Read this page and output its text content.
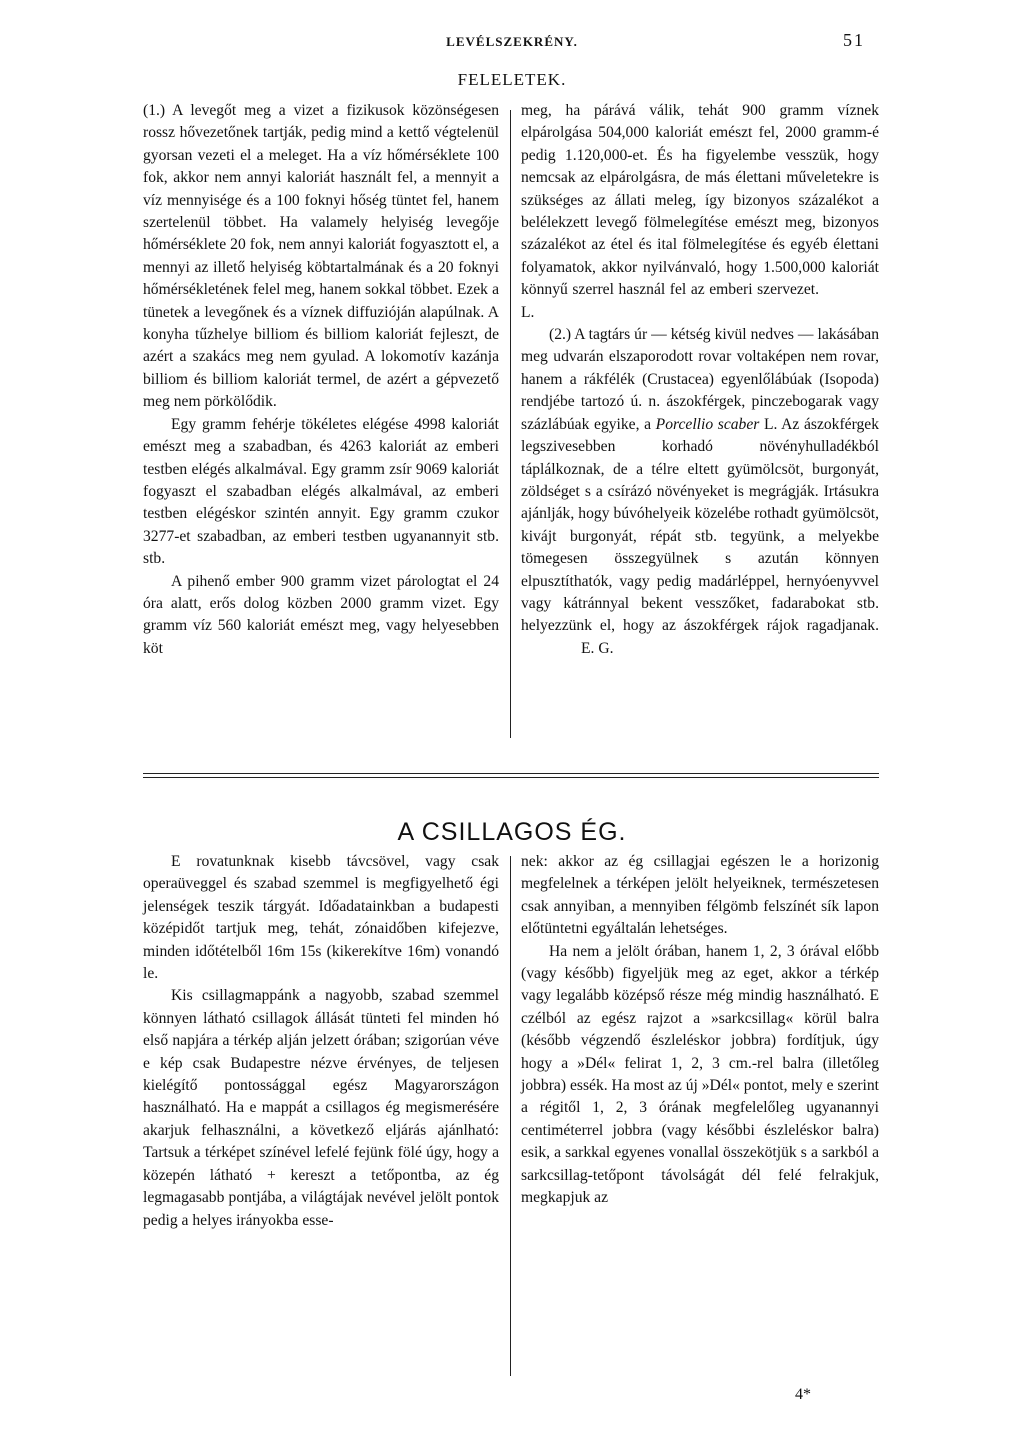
LEVÉLSZEKRÉNY.	51
FELELETEK.

(1.) A levegőt meg a vizet a fizikusok közönségesen rossz hővezetőnek tartják, pedig mind a kettő végtelenül gyorsan vezeti el a meleget. Ha a víz hőmérséklete 100 fok, akkor nem annyi kaloriát használt fel, a mennyit a víz mennyisége és a 100 foknyi hőség tüntet fel, hanem szertelenül többet. Ha valamely helyiség levegője hőmérséklete 20 fok, nem annyi kaloriát fogyasztott el, a mennyi az illető helyiség köbtartalmának és a 20 foknyi hőmérsékletének felel meg, hanem sokkal többet. Ezek a tünetek a levegőnek és a víznek diffuzióján alapúlnak. A konyha tűzhelye billiom és billiom kaloriát fejleszt, de azért a szakács meg nem gyulad. A lokomotív kazánja billiom és billiom kaloriát termel, de azért a gépvezető meg nem pörkölődik.

Egy gramm fehérje tökéletes elégése 4998 kaloriát emészt meg a szabadban, és 4263 kaloriát az emberi testben elégés alkalmával. Egy gramm zsír 9069 kaloriát fogyaszt el szabadban elégés alkalmával, az emberi testben elégéskor szintén annyit. Egy gramm czukor 3277-et szabadban, az emberi testben ugyanannyit stb. stb.

A pihenő ember 900 gramm vizet párologtat el 24 óra alatt, erős dolog közben 2000 gramm vizet. Egy gramm víz 560 kaloriát emészt meg, vagy helyesebben köt

meg, ha párává válik, tehát 900 gramm víznek elpárolgása 504,000 kaloriát emészt fel, 2000 gramm-é pedig 1.120,000-et. És ha figyelembe vesszük, hogy nemcsak az elpárolgásra, de más élettani műveletekre is szükséges az állati meleg, így bizonyos százalékot a belélekzett levegő fölmelegítése emészt meg, bizonyos százalékot az étel és ital fölmelegítése és egyéb élettani folyamatok, akkor nyilvánvaló, hogy 1.500,000 kaloriát könnyű szerrel használ fel az emberi szervezet.L.

(2.) A tagtárs úr — kétség kivül nedves — lakásában meg udvarán elszaporodott rovar voltaképen nem rovar, hanem a rákfélék (Crustacea) egyenlőlábúak (Isopoda) rendjébe tartozó ú. n. ászokférgek, pinczebogarak vagy százlábúak egyike, a Porcellio scaber L. Az ászokférgek legszivesebben korhadó növényhulladékból táplálkoznak, de a télre eltett gyümölcsöt, burgonyát, zöldséget s a csírázó növényeket is megrágják. Irtásukra ajánlják, hogy búvóhelyeik közelébe rothadt gyümölcsöt, kivájt burgonyát, répát stb. tegyünk, a melyekbe tömegesen összegyülnek s azután könnyen elpusztíthatók, vagy pedig madárléppel, hernyóenyvvel vagy kátránnyal bekent vesszőket, fadarabokat stb. helyezzünk el, hogy az ászokférgek rájok ragadjanak.E. G.

A CSILLAGOS ÉG.

E rovatunknak kisebb távcsövel, vagy csak operaüveggel és szabad szemmel is megfigyelhető égi jelenségek teszik tárgyát. Időadatainkban a budapesti középidőt tartjuk meg, tehát, zónaidőben kifejezve, minden időtételből 16m 15s (kikerekítve 16m) vonandó le.

Kis csillagmappánk a nagyobb, szabad szemmel könnyen látható csillagok állását tünteti fel minden hó első napjára a térkép alján jelzett órában; szigorúan véve e kép csak Budapestre nézve érvényes, de teljesen kielégítő pontossággal egész Magyarországon használható. Ha e mappát a csillagos ég megismerésére akarjuk felhasználni, a következő eljárás ajánlható: Tartsuk a térképet színével lefelé fejünk fölé úgy, hogy a közepén látható + kereszt a tetőpontba, az ég legmagasabb pontjába, a világtájak nevével jelölt pontok pedig a helyes irányokba esse-

nek: akkor az ég csillagjai egészen le a horizonig megfelelnek a térképen jelölt helyeiknek, természetesen csak annyiban, a mennyiben félgömb felszínét sík lapon előtüntetni egyáltalán lehetséges.

Ha nem a jelölt órában, hanem 1, 2, 3 órával előbb (vagy később) figyeljük meg az eget, akkor a térkép vagy legalább középső része még mindig használható. E czélból az egész rajzot a »sarkcsillag« körül balra (később végzendő észleléskor jobbra) fordítjuk, úgy hogy a »Dél« felirat 1, 2, 3 cm.-rel balra (illetőleg jobbra) essék. Ha most az új »Dél« pontot, mely e szerint a régitől 1, 2, 3 órának megfelelőleg ugyanannyi centiméterrel jobbra (vagy későbbi észleléskor balra) esik, a sarkkal egyenes vonallal összekötjük s a sarkból a sarkcsillag-tetőpont távolságát dél felé felrakjuk, megkapjuk az

4*
